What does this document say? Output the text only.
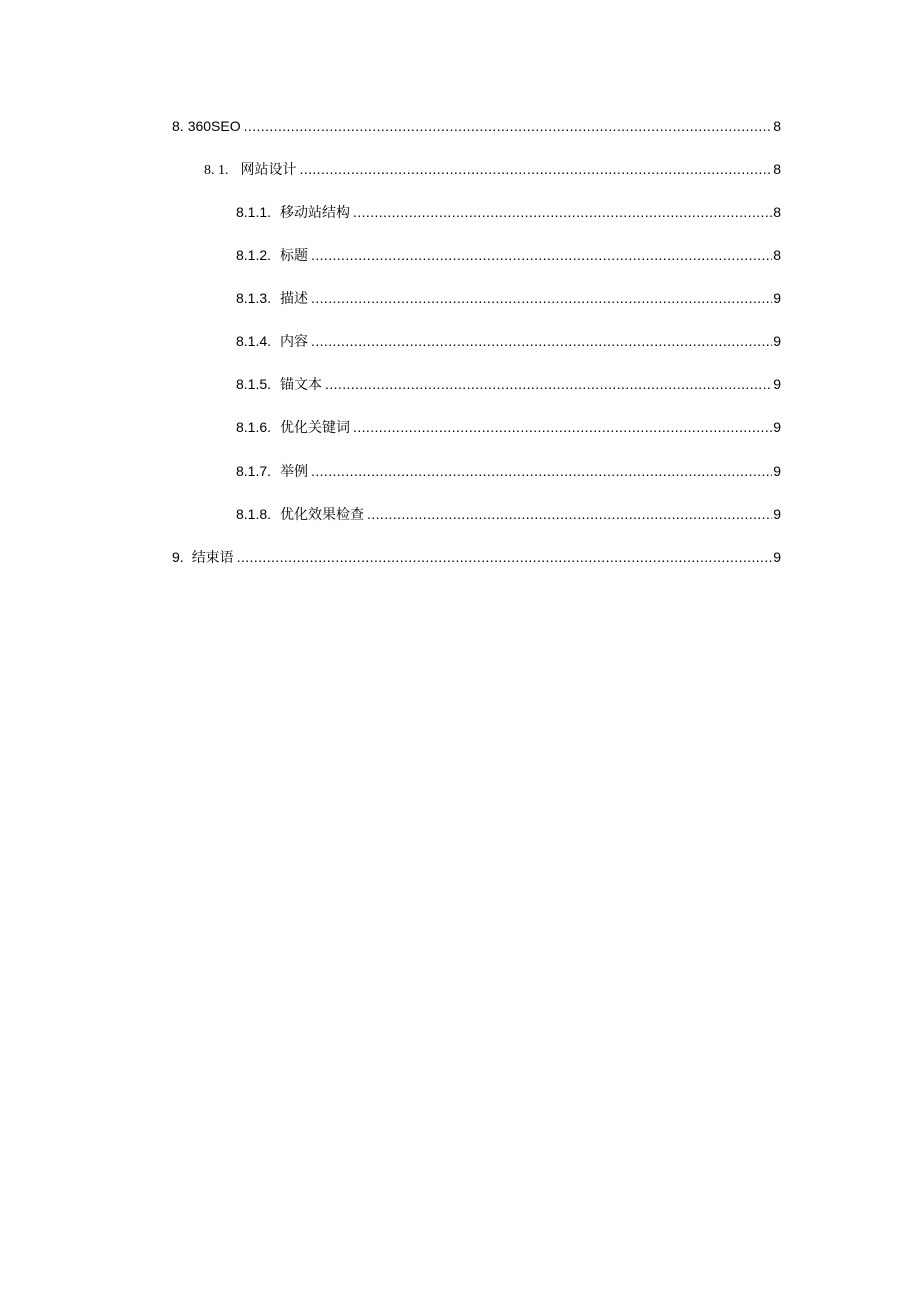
8. 360SEO .....	8
8. 1. 网站设计 .....	8
8.1.1. 移动站结构 .....	8
8.1.2. 标题 .....	8
8.1.3. 描述 .....	9
8.1.4. 内容 .....	9
8.1.5. 锚文本 .....	9
8.1.6. 优化关键词 .....	9
8.1.7. 举例 .....	9
8.1.8. 优化效果检查 .....	9
9. 结束语 .....	9
